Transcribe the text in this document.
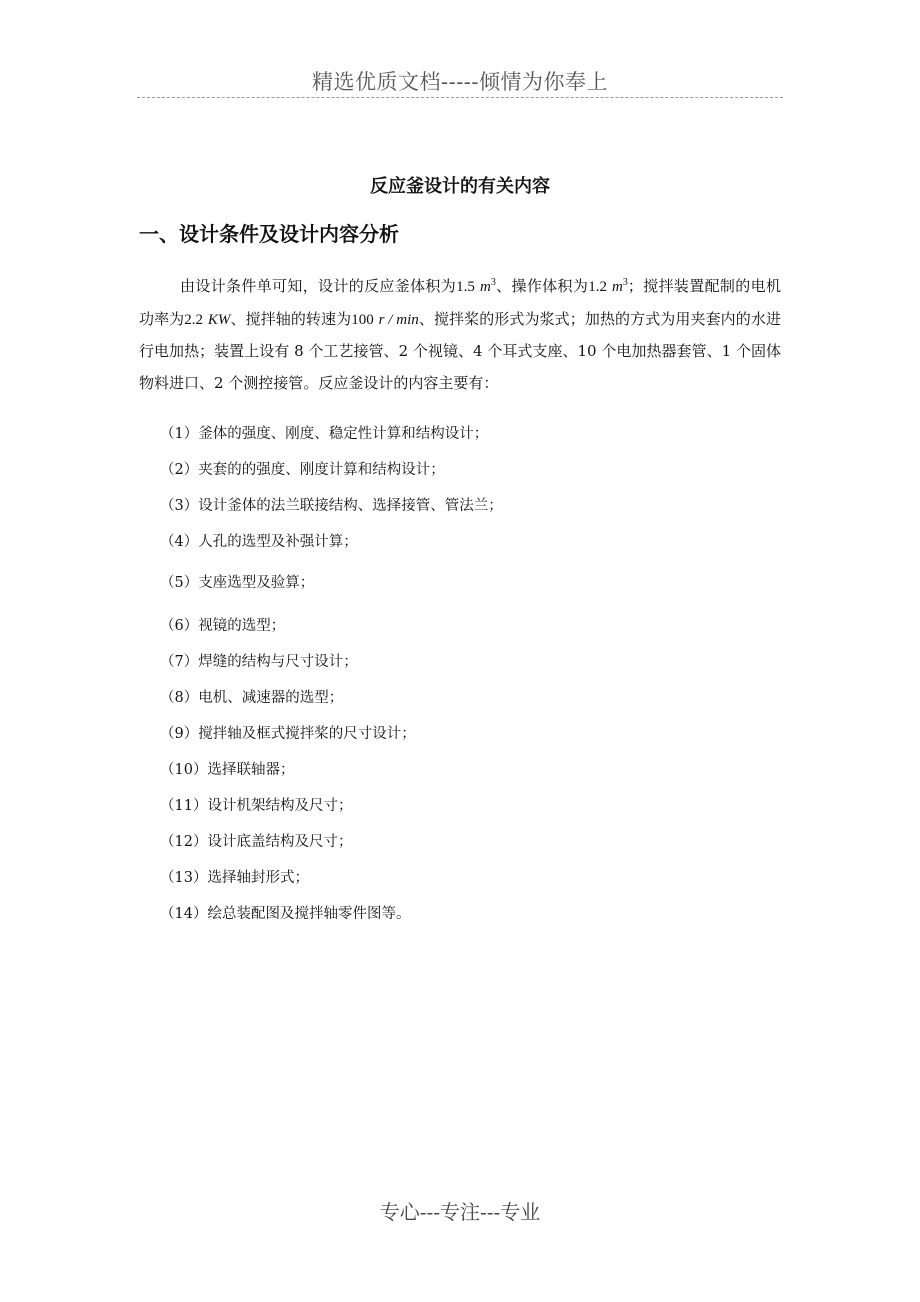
精选优质文档-----倾情为你奉上
反应釜设计的有关内容
一、设计条件及设计内容分析

由设计条件单可知，设计的反应釜体积为1.5 $m^3$、操作体积为1.2 $m^3$；搅拌装置配制的电机功率为2.2 KW、搅拌轴的转速为100 r / min、搅拌桨的形式为浆式；加热的方式为用夹套内的水进行电加热；装置上设有 8 个工艺接管、2 个视镜、4 个耳式支座、10 个电加热器套管、1 个固体物料进口、2 个测控接管。反应釜设计的内容主要有：

（1）釜体的强度、刚度、稳定性计算和结构设计；
（2）夹套的的强度、刚度计算和结构设计；
（3）设计釜体的法兰联接结构、选择接管、管法兰；
（4）人孔的选型及补强计算；
（5）支座选型及验算；
（6）视镜的选型；
（7）焊缝的结构与尺寸设计；
（8）电机、减速器的选型；
（9）搅拌轴及框式搅拌桨的尺寸设计；
（10）选择联轴器；
（11）设计机架结构及尺寸；
（12）设计底盖结构及尺寸；
（13）选择轴封形式；
（14）绘总装配图及搅拌轴零件图等。
专心---专注---专业
